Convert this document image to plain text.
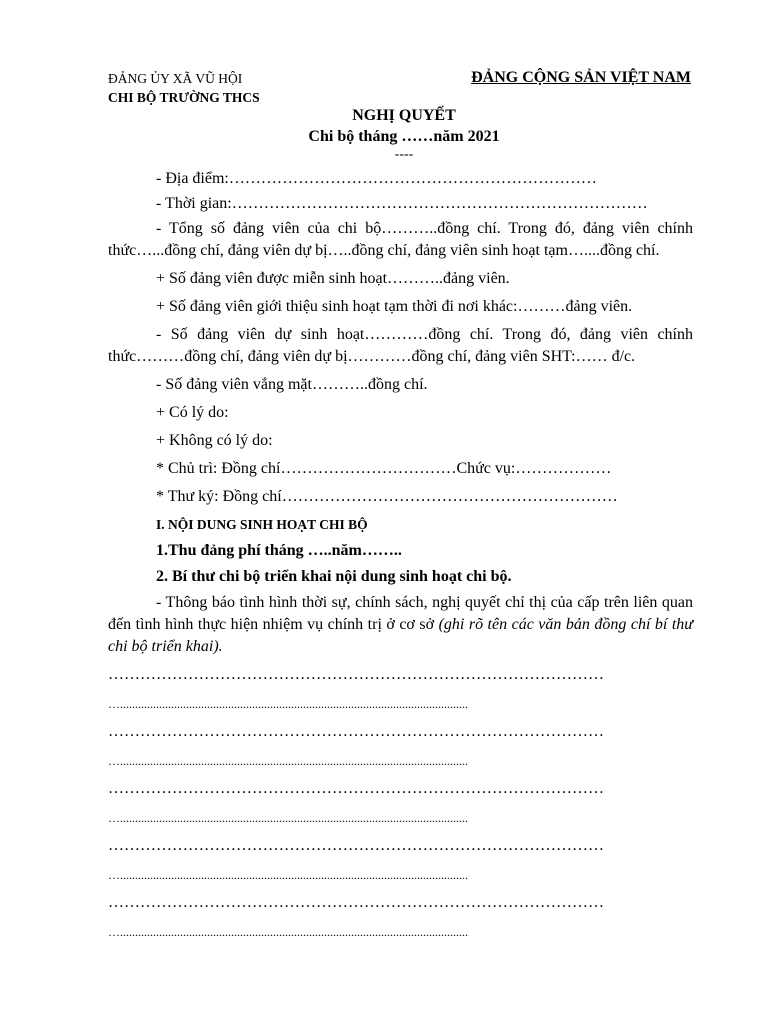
ĐẢNG ỦY XÃ VŨ HỘI
CHI BỘ TRƯỜNG THCS
ĐẢNG CỘNG SẢN VIỆT NAM
NGHỊ QUYẾT
Chi bộ tháng ……năm 2021
----

- Địa điểm:……………………………………………………………

- Thời gian:……………………………………………………………………

- Tổng số đảng viên của chi bộ………..đồng chí. Trong đó, đảng viên chính thức…...đồng chí, đảng viên dự bị…..đồng chí, đảng viên sinh hoạt tạm…....đồng chí.

+ Số đảng viên được miễn sinh hoạt………..đảng viên.

+ Số đảng viên giới thiệu sinh hoạt tạm thời đi nơi khác:………đảng viên.

- Số đảng viên dự sinh hoạt…………đồng chí. Trong đó, đảng viên chính thức………đồng chí, đảng viên dự bị…………đồng chí, đảng viên SHT:…… đ/c.

- Số đảng viên vắng mặt………..đồng chí.

+ Có lý do:

+ Không có lý do:

* Chủ trì: Đồng chí……………………………Chức vụ:………………

* Thư ký: Đồng chí………………………………………………………

I. NỘI DUNG SINH HOẠT CHI BỘ
1.Thu đảng phí tháng …..năm……..
2. Bí thư chi bộ triển khai nội dung sinh hoạt chi bộ.

- Thông báo tình hình thời sự, chính sách, nghị quyết chỉ thị của cấp trên liên quan đến tình hình thực hiện nhiệm vụ chính trị ở cơ sở (ghi rõ tên các văn bản đồng chí bí thư chi bộ triển khai).

…………………………………………………………………………………
…....................................................................................................................
…………………………………………………………………………………
…....................................................................................................................
…………………………………………………………………………………
…....................................................................................................................
…………………………………………………………………………………
…....................................................................................................................
…………………………………………………………………………………
…....................................................................................................................
